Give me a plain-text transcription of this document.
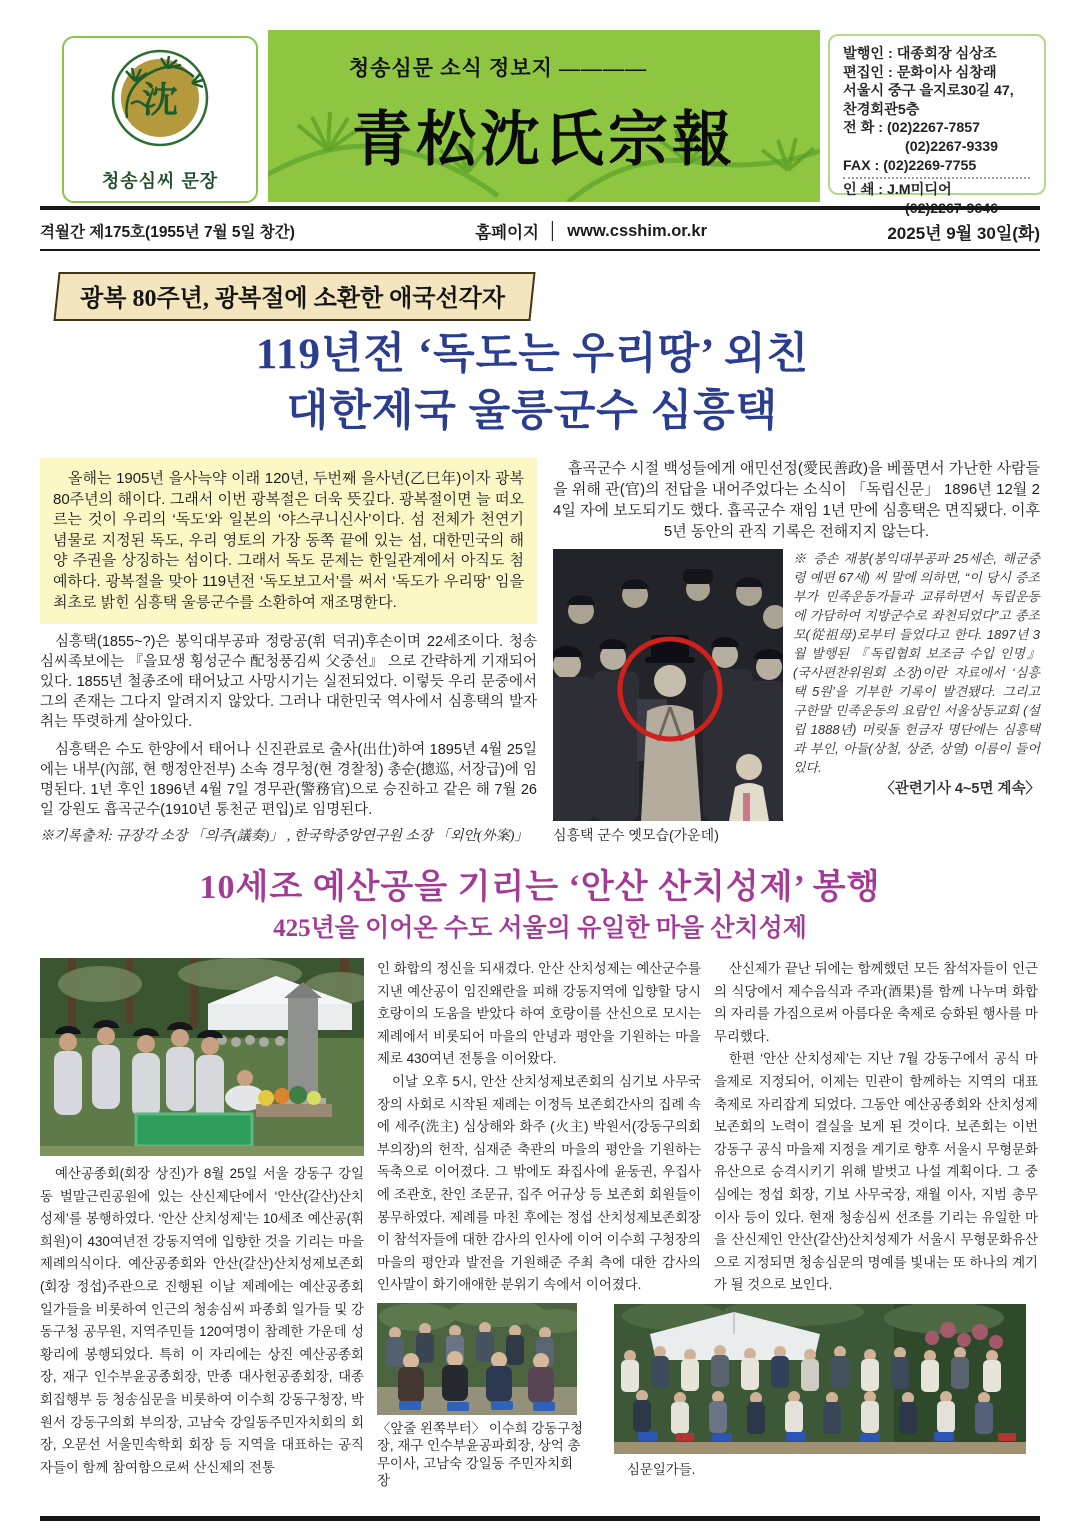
沈
청송심씨 문장
청송심문 소식 정보지 ————
青松沈氏宗報
발행인 : 대종회장 심상조
편집인 : 문화이사 심창래
서울시 중구 을지로30길 47,
찬경회관5층
전 화 : (02)2267-7857
(02)2267-9339
FAX : (02)2269-7755
인 쇄 : J.M미디어
격월간 제175호(1955년 7월 5일 창간)	홈페이지 │ www.csshim.or.kr	2025년 9월 30일(화)
광복 80주년, 광복절에 소환한 애국선각자
119년전 ‘독도는 우리땅’ 외친
대한제국 울릉군수 심흥택

올해는 1905년 을사늑약 이래 120년, 두번째 을사년(乙巳年)이자 광복 80주년의 해이다. 그래서 이번 광복절은 더욱 뜻깊다. 광복절이면 늘 떠오르는 것이 우리의 ‘독도’와 일본의 ‘야스쿠니신사’이다. 섬 전체가 천연기념물로 지정된 독도, 우리 영토의 가장 동쪽 끝에 있는 섬, 대한민국의 해양 주권을 상징하는 섬이다. 그래서 독도 문제는 한일관계에서 아직도 첨예하다. 광복절을 맞아 119년전 ‘독도보고서’를 써서 ‘독도가 우리땅’ 임을 최초로 밝힌 심흥택 울릉군수를 소환하여 재조명한다.

심흥택(1855~?)은 봉익대부공파 정랑공(휘 덕귀)후손이며 22세조이다. 청송심씨족보에는 『을묘생 횡성군수 配청풍김씨 父중선』 으로 간략하게 기재되어 있다. 1855년 철종조에 태어났고 사망시기는 실전되었다. 이렇듯 우리 문중에서 그의 존재는 그다지 알려지지 않았다. 그러나 대한민국 역사에서 심흥택의 발자취는 뚜렷하게 살아있다.

심흥택은 수도 한양에서 태어나 신진관료로 출사(出仕)하여 1895년 4월 25일에는 내부(內部, 현 행정안전부) 소속 경무청(현 경찰청) 총순(摠巡, 서장급)에 임명된다. 1년 후인 1896년 4월 7일 경무관(警務官)으로 승진하고 같은 해 7월 26일 강원도 흡곡군수(1910년 통천군 편입)로 임명된다.

※기록출처: 규장각 소장 「의주(議奏)」 , 한국학중앙연구원 소장 「외안(外案)」

흡곡군수 시절 백성들에게 애민선정(愛民善政)을 베풀면서 가난한 사람들을 위해 관(官)의 전답을 내어주었다는 소식이 「독립신문」 1896년 12월 24일 자에 보도되기도 했다. 흡곡군수 재임 1년 만에 심흥택은 면직됐다. 이후 5년 동안의 관직 기록은 전해지지 않는다.

심흥택 군수 옛모습(가운데)

※ 증손 재봉(봉익대부공파 25세손, 해군중령 예편 67세) 씨 말에 의하면, “이 당시 증조부가 민족운동가들과 교류하면서 독립운동에 가담하여 지방군수로 좌천되었다”고 종조모(從祖母)로부터 들었다고 한다. 1897년 3월 발행된 『독립협회 보조금 수입 인명』 (국사편찬위원회 소장)이란 자료에서 ‘심흥택 5원’을 기부한 기록이 발견됐다. 그리고 구한말 민족운동의 요람인 서울상동교회 (설립 1888년) 머릿돌 헌금자 명단에는 심흥택과 부인, 아들(상철, 상준, 상열) 이름이 들어있다.

〈관련기사 4~5면 계속〉

10세조 예산공을 기리는 ‘안산 산치성제’ 봉행
425년을 이어온 수도 서울의 유일한 마을 산치성제

예산공종회(회장 상진)가 8월 25일 서울 강동구 강일동 벌말근린공원에 있는 산신제단에서 ‘안산(갈산)산치성제’를 봉행하였다. ‘안산 산치성제’는 10세조 예산공(휘 희원)이 430여년전 강동지역에 입향한 것을 기리는 마을 제례의식이다. 예산공종회와 안산(갈산)산치성제보존회(회장 정섭)주관으로 진행된 이날 제례에는 예산공종회 일가들을 비롯하여 인근의 청송심씨 파종회 일가들 및 강동구청 공무원, 지역주민들 120여명이 참례한 가운데 성황리에 봉행되었다. 특히 이 자리에는 상진 예산공종회장, 재구 인수부윤공종회장, 만종 대사헌공종회장, 대종회집행부 등 청송심문을 비롯하여 이수희 강동구청장, 박원서 강동구의회 부의장, 고남숙 강일동주민자치회의 회장, 오문선 서울민속학회 회장 등 지역을 대표하는 공직자들이 함께 참여함으로써 산신제의 전통

인 화합의 정신을 되새겼다. 안산 산치성제는 예산군수를 지낸 예산공이 임진왜란을 피해 강동지역에 입향할 당시 호랑이의 도움을 받았다 하여 호랑이를 산신으로 모시는 제례에서 비롯되어 마을의 안녕과 평안을 기원하는 마을제로 430여년 전통을 이어왔다.

이날 오후 5시, 안산 산치성제보존회의 심기보 사무국장의 사회로 시작된 제례는 이정득 보존회간사의 집례 속에 세주(洗主) 심상해와 화주 (火主) 박원서(강동구의회 부의장)의 헌작, 심재준 축관의 마을의 평안을 기원하는 독축으로 이어졌다. 그 밖에도 좌집사에 윤동권, 우집사에 조관호, 찬인 조문규, 집주 어규상 등 보존회 회원들이 봉무하였다. 제례를 마친 후에는 정섭 산치성제보존회장이 참석자들에 대한 감사의 인사에 이어 이수희 구청장의 마을의 평안과 발전을 기원해준 주최 측에 대한 감사의 인사말이 화기애애한 분위기 속에서 이어졌다.

〈앞줄 왼쪽부터〉 이수희 강동구청장, 재구 인수부윤공파회장, 상억 총무이사, 고남숙 강일동 주민자치회장

산신제가 끝난 뒤에는 함께했던 모든 참석자들이 인근의 식당에서 제수음식과 주과(酒果)를 함께 나누며 화합의 자리를 가짐으로써 아름다운 축제로 승화된 행사를 마무리했다.

한편 ‘안산 산치성제’는 지난 7월 강동구에서 공식 마을제로 지정되어, 이제는 민관이 함께하는 지역의 대표 축제로 자리잡게 되었다. 그동안 예산공종회와 산치성제보존회의 노력이 결실을 보게 된 것이다. 보존회는 이번 강동구 공식 마을제 지정을 계기로 향후 서울시 무형문화유산으로 승격시키기 위해 발벗고 나설 계획이다. 그 중심에는 정섭 회장, 기보 사무국장, 재월 이사, 지범 총무이사 등이 있다. 현재 청송심씨 선조를 기리는 유일한 마을 산신제인 안산(갈산)산치성제가 서울시 무형문화유산으로 지정되면 청송심문의 명예를 빛내는 또 하나의 계기가 될 것으로 보인다.

심문일가들.
